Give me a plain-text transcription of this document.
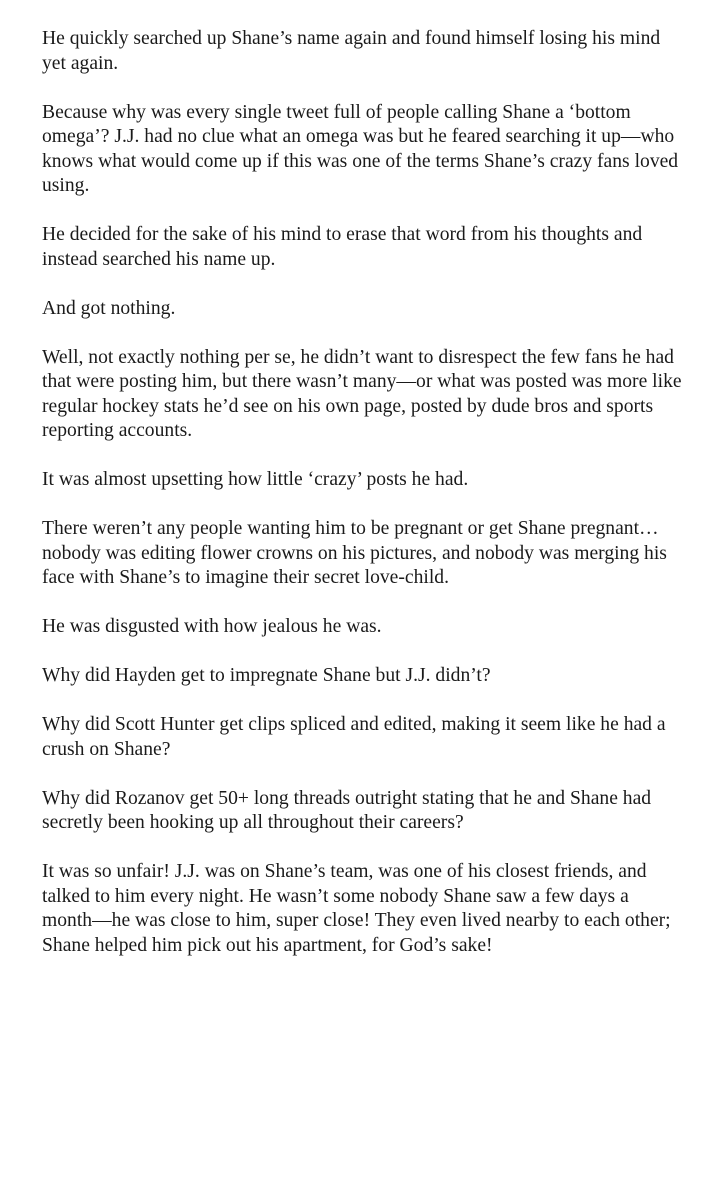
He quickly searched up Shane’s name again and found himself losing his mind yet again.

Because why was every single tweet full of people calling Shane a ‘bottom omega’? J.J. had no clue what an omega was but he feared searching it up—who knows what would come up if this was one of the terms Shane’s crazy fans loved using.

He decided for the sake of his mind to erase that word from his thoughts and instead searched his name up.

And got nothing.

Well, not exactly nothing per se, he didn’t want to disrespect the few fans he had that were posting him, but there wasn’t many—or what was posted was more like regular hockey stats he’d see on his own page, posted by dude bros and sports reporting accounts.

It was almost upsetting how little ‘crazy’ posts he had.

There weren’t any people wanting him to be pregnant or get Shane pregnant…nobody was editing flower crowns on his pictures, and nobody was merging his face with Shane’s to imagine their secret love-child.

He was disgusted with how jealous he was.

Why did Hayden get to impregnate Shane but J.J. didn’t?

Why did Scott Hunter get clips spliced and edited, making it seem like he had a crush on Shane?

Why did Rozanov get 50+ long threads outright stating that he and Shane had secretly been hooking up all throughout their careers?

It was so unfair! J.J. was on Shane’s team, was one of his closest friends, and talked to him every night. He wasn’t some nobody Shane saw a few days a month—he was close to him, super close! They even lived nearby to each other; Shane helped him pick out his apartment, for God’s sake!
